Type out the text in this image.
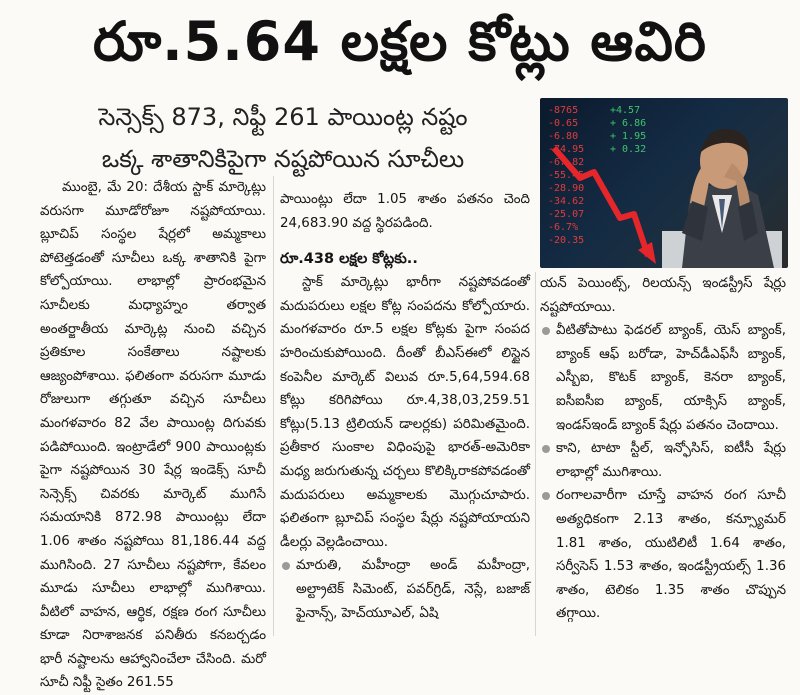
రూ.5.64 లక్షల కోట్లు ఆవిరి
సెన్సెక్స్ 873, నిఫ్టీ 261 పాయింట్ల నష్టం
ఒక్క శాతానికిపైగా నష్టపోయిన సూచీలు
-8765
-0.65
-6.80
-74.95
-67.82
-55.45
-28.90
-34.62
-25.07
-6.7%
-20.35
+4.57
+ 6.86
+ 1.95
+ 0.32

ముంబై, మే 20: దేశీయ స్టాక్ మార్కెట్లు వరుసగా మూడోరోజూ నష్టపోయాయి. బ్లూచిప్ సంస్థల షేర్లలో అమ్మకాలు పోటెత్తడంతో సూచీలు ఒక్క శాతానికి పైగా కోల్పోయాయి. లాభాల్లో ప్రారంభమైన సూచీలకు మధ్యాహ్నం తర్వాత అంతర్జాతీయ మార్కెట్ల నుంచి వచ్చిన ప్రతికూల సంకేతాలు నష్టాలకు ఆజ్యంపోశాయి. ఫలితంగా వరుసగా మూడు రోజులుగా తగ్గుతూ వచ్చిన సూచీలు మంగళవారం 82 వేల పాయింట్ల దిగువకు పడిపోయింది. ఇంట్రాడేలో 900 పాయింట్లకు పైగా నష్టపోయిన 30 షేర్ల ఇండెక్స్ సూచీ సెన్సెక్స్ చివరకు మార్కెట్ ముగిసే సమయానికి 872.98 పాయింట్లు లేదా 1.06 శాతం నష్టపోయి 81,186.44 వద్ద ముగిసింది. 27 సూచీలు నష్టపోగా, కేవలం మూడు సూచీలు లాభాల్లో ముగిశాయి. వీటిలో వాహన, ఆర్థిక, రక్షణ రంగ సూచీలు కూడా నిరాశాజనక పనితీరు కనబర్చడం భారీ నష్టాలను ఆహ్వానించేలా చేసింది. మరో సూచీ నిఫ్టీ సైతం 261.55

పాయింట్లు లేదా 1.05 శాతం పతనం చెంది 24,683.90 వద్ద స్థిరపడింది.

రూ.438 లక్షల కోట్లకు..

స్టాక్ మార్కెట్లు భారీగా నష్టపోవడంతో మదుపరులు లక్షల కోట్ల సంపదను కోల్పోయారు. మంగళవారం రూ.5 లక్షల కోట్లకు పైగా సంపద హరించుకుపోయింది. దీంతో బీఎస్ఈలో లిస్టైన కంపెనీల మార్కెట్ విలువ రూ.5,64,594.68 కోట్లు కరిగిపోయి రూ.4,38,03,259.51 కోట్లు(5.13 ట్రిలియన్ డాలర్లకు) పరిమితమైంది. ప్రతీకార సుంకాల విధింపుపై భారత్-అమెరికా మధ్య జరుగుతున్న చర్చలు కొలిక్కిరాకపోవడంతో మదుపరులు అమ్మకాలకు మొగ్గుచూపారు. ఫలితంగా బ్లూచిప్ సంస్థల షేర్లు నష్టపోయాయని డీలర్లు వెల్లడించాయి.

మారుతి, మహీంద్రా అండ్ మహీంద్రా, అల్ట్రాటెక్ సిమెంట్, పవర్‌గ్రిడ్, నెస్లే, బజాజ్ ఫైనాన్స్, హెచ్‌యూఎల్, ఏషి

యన్ పెయింట్స్, రిలయన్స్ ఇండస్ట్రీస్ షేర్లు నష్టపోయాయి.

వీటితోపాటు ఫెడరల్ బ్యాంక్, యెస్ బ్యాంక్, బ్యాంక్ ఆఫ్ బరోడా, హెచ్‌డీఎఫ్‌సీ బ్యాంక్, ఎస్బీఐ, కొటక్ బ్యాంక్, కెనరా బ్యాంక్, ఐసీఐసీఐ బ్యాంక్, యాక్సిస్ బ్యాంక్, ఇండస్‌ఇండ్ బ్యాంక్ షేర్లు పతనం చెందాయి.

కాని, టాటా స్టీల్, ఇన్ఫోసిస్, ఐటీసీ షేర్లు లాభాల్లో ముగిశాయి.

రంగాలవారీగా చూస్తే వాహన రంగ సూచీ అత్యధికంగా 2.13 శాతం, కన్స్యూమర్ 1.81 శాతం, యుటిలిటీ 1.64 శాతం, సర్వీసెస్ 1.53 శాతం, ఇండస్ట్రీయల్స్ 1.36 శాతం, టెలికం 1.35 శాతం చొప్పున తగ్గాయి.
